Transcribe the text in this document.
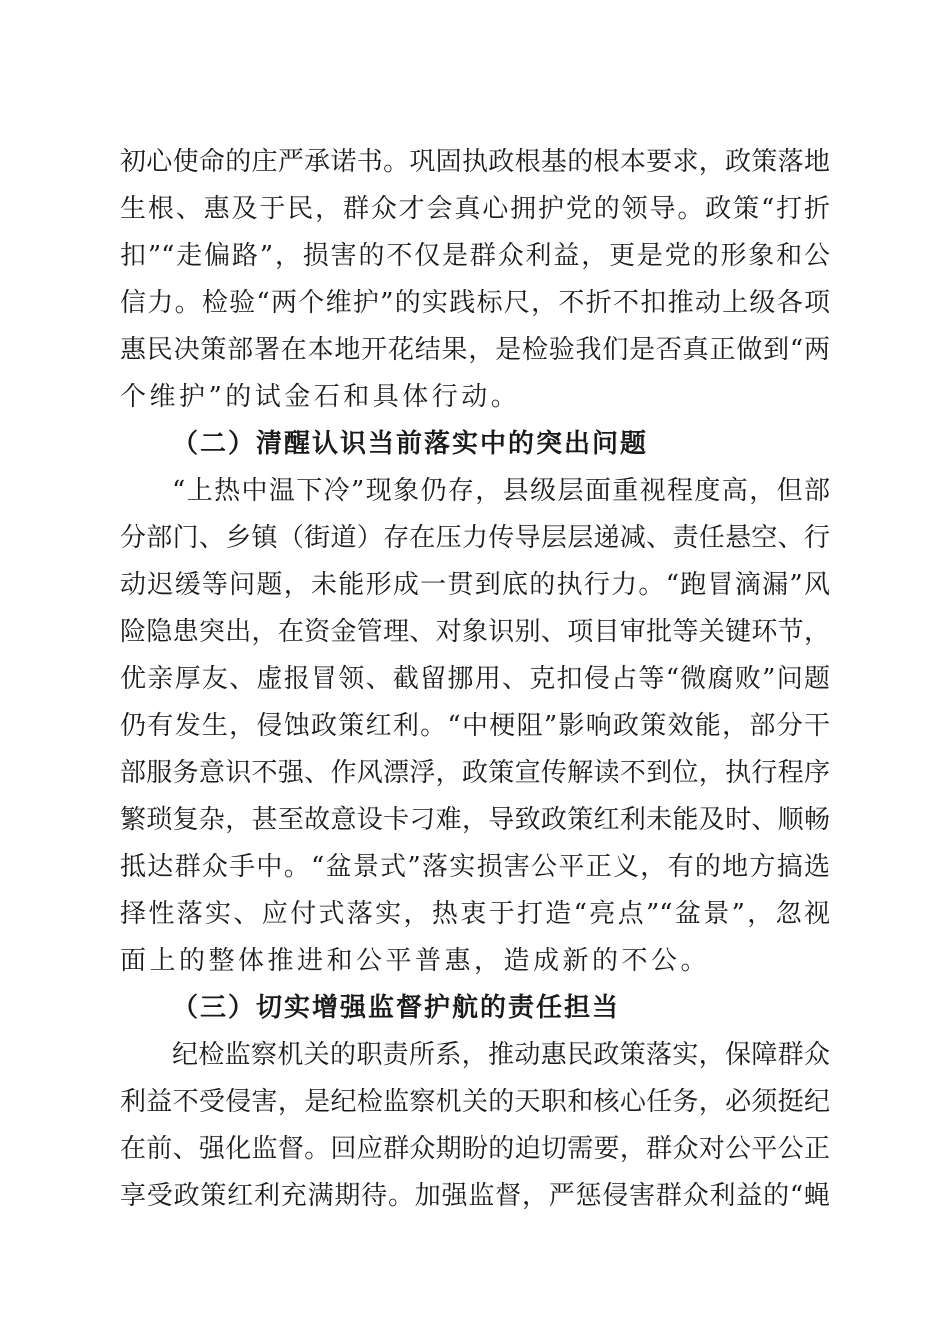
初心使命的庄严承诺书。巩固执政根基的根本要求，政策落地
生根、惠及于民，群众才会真心拥护党的领导。政策“打折
扣”“走偏路”，损害的不仅是群众利益，更是党的形象和公
信力。检验“两个维护”的实践标尺，不折不扣推动上级各项
惠民决策部署在本地开花结果，是检验我们是否真正做到“两
个维护”的试金石和具体行动。
（二）清醒认识当前落实中的突出问题
“上热中温下冷”现象仍存，县级层面重视程度高，但部
分部门、乡镇（街道）存在压力传导层层递减、责任悬空、行
动迟缓等问题，未能形成一贯到底的执行力。“跑冒滴漏”风
险隐患突出，在资金管理、对象识别、项目审批等关键环节，
优亲厚友、虚报冒领、截留挪用、克扣侵占等“微腐败”问题
仍有发生，侵蚀政策红利。“中梗阻”影响政策效能，部分干
部服务意识不强、作风漂浮，政策宣传解读不到位，执行程序
繁琐复杂，甚至故意设卡刁难，导致政策红利未能及时、顺畅
抵达群众手中。“盆景式”落实损害公平正义，有的地方搞选
择性落实、应付式落实，热衷于打造“亮点”“盆景”，忽视
面上的整体推进和公平普惠，造成新的不公。
（三）切实增强监督护航的责任担当
纪检监察机关的职责所系，推动惠民政策落实，保障群众
利益不受侵害，是纪检监察机关的天职和核心任务，必须挺纪
在前、强化监督。回应群众期盼的迫切需要，群众对公平公正
享受政策红利充满期待。加强监督，严惩侵害群众利益的“蝇
